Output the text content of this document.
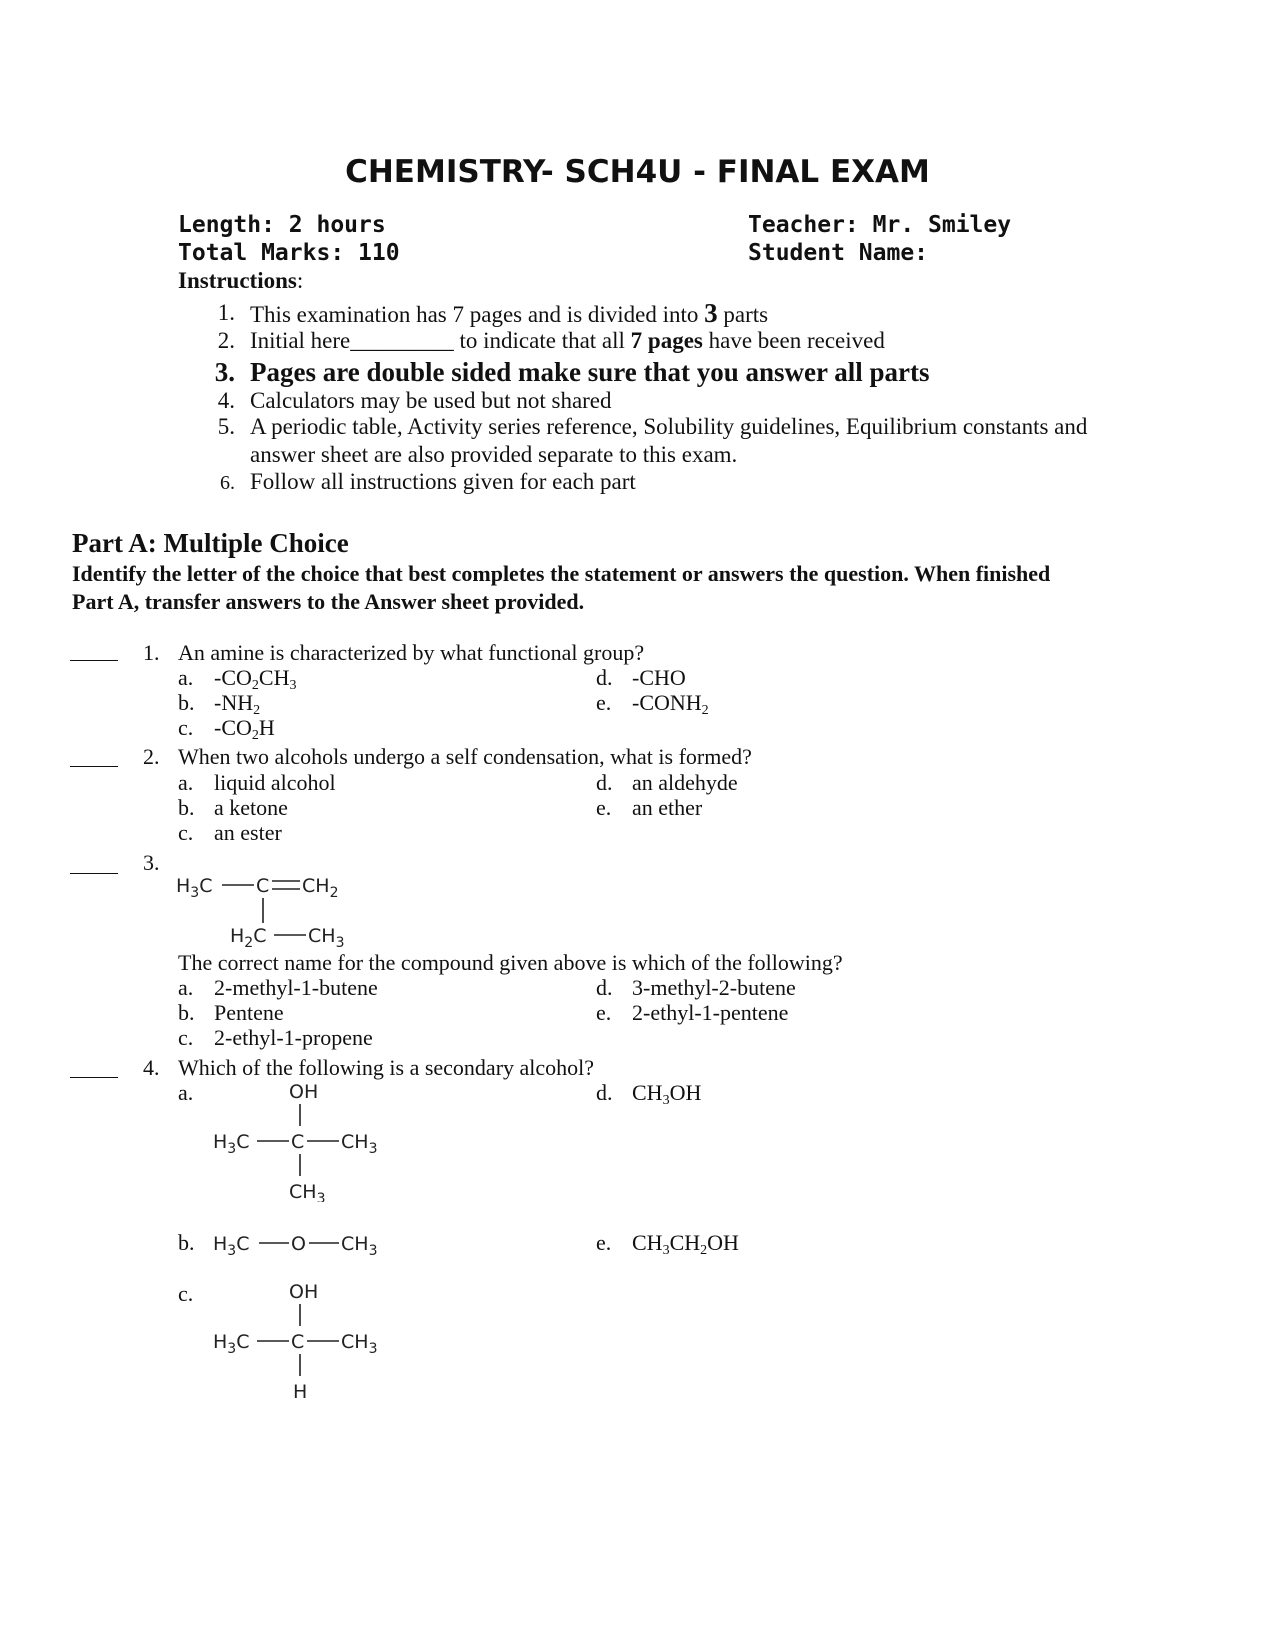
CHEMISTRY- SCH4U - FINAL EXAM
Length: 2 hours
Total Marks: 110
Teacher: Mr. Smiley
Student Name:
Instructions:
1. This examination has 7 pages and is divided into 3 parts
2. Initial here_________ to indicate that all 7 pages have been received
3. Pages are double sided make sure that you answer all parts
4. Calculators may be used but not shared
5. A periodic table, Activity series reference, Solubility guidelines, Equilibrium constants and
answer sheet are also provided separate to this exam.
6. Follow all instructions given for each part
Part A: Multiple Choice
Identify the letter of the choice that best completes the statement or answers the question. When finished
Part A, transfer answers to the Answer sheet provided.
1. An amine is characterized by what functional group?
a. $-CO_2CH_3$
b. $-NH_2$
c. $-CO_2H$
d. -CHO
e. $-CONH_2$
2. When two alcohols undergo a self condensation, what is formed?
a. liquid alcohol
b. a ketone
c. an ester
d. an aldehyde
e. an ether
3.
$H_3C$ C $CH_2$
$H_2C$ $CH_3$
The correct name for the compound given above is which of the following?
a. 2-methyl-1-butene
b. Pentene
c. 2-ethyl-1-propene
d. 3-methyl-2-butene
e. 2-ethyl-1-pentene
4. Which of the following is a secondary alcohol?
a.	OH
$H_3C$ C $CH_3$
$CH_3$
d. $CH_3OH$
b. $H_3C$ O $CH_3$	e. $CH_3CH_2OH$
c.	OH
$H_3C$ C $CH_3$
H
